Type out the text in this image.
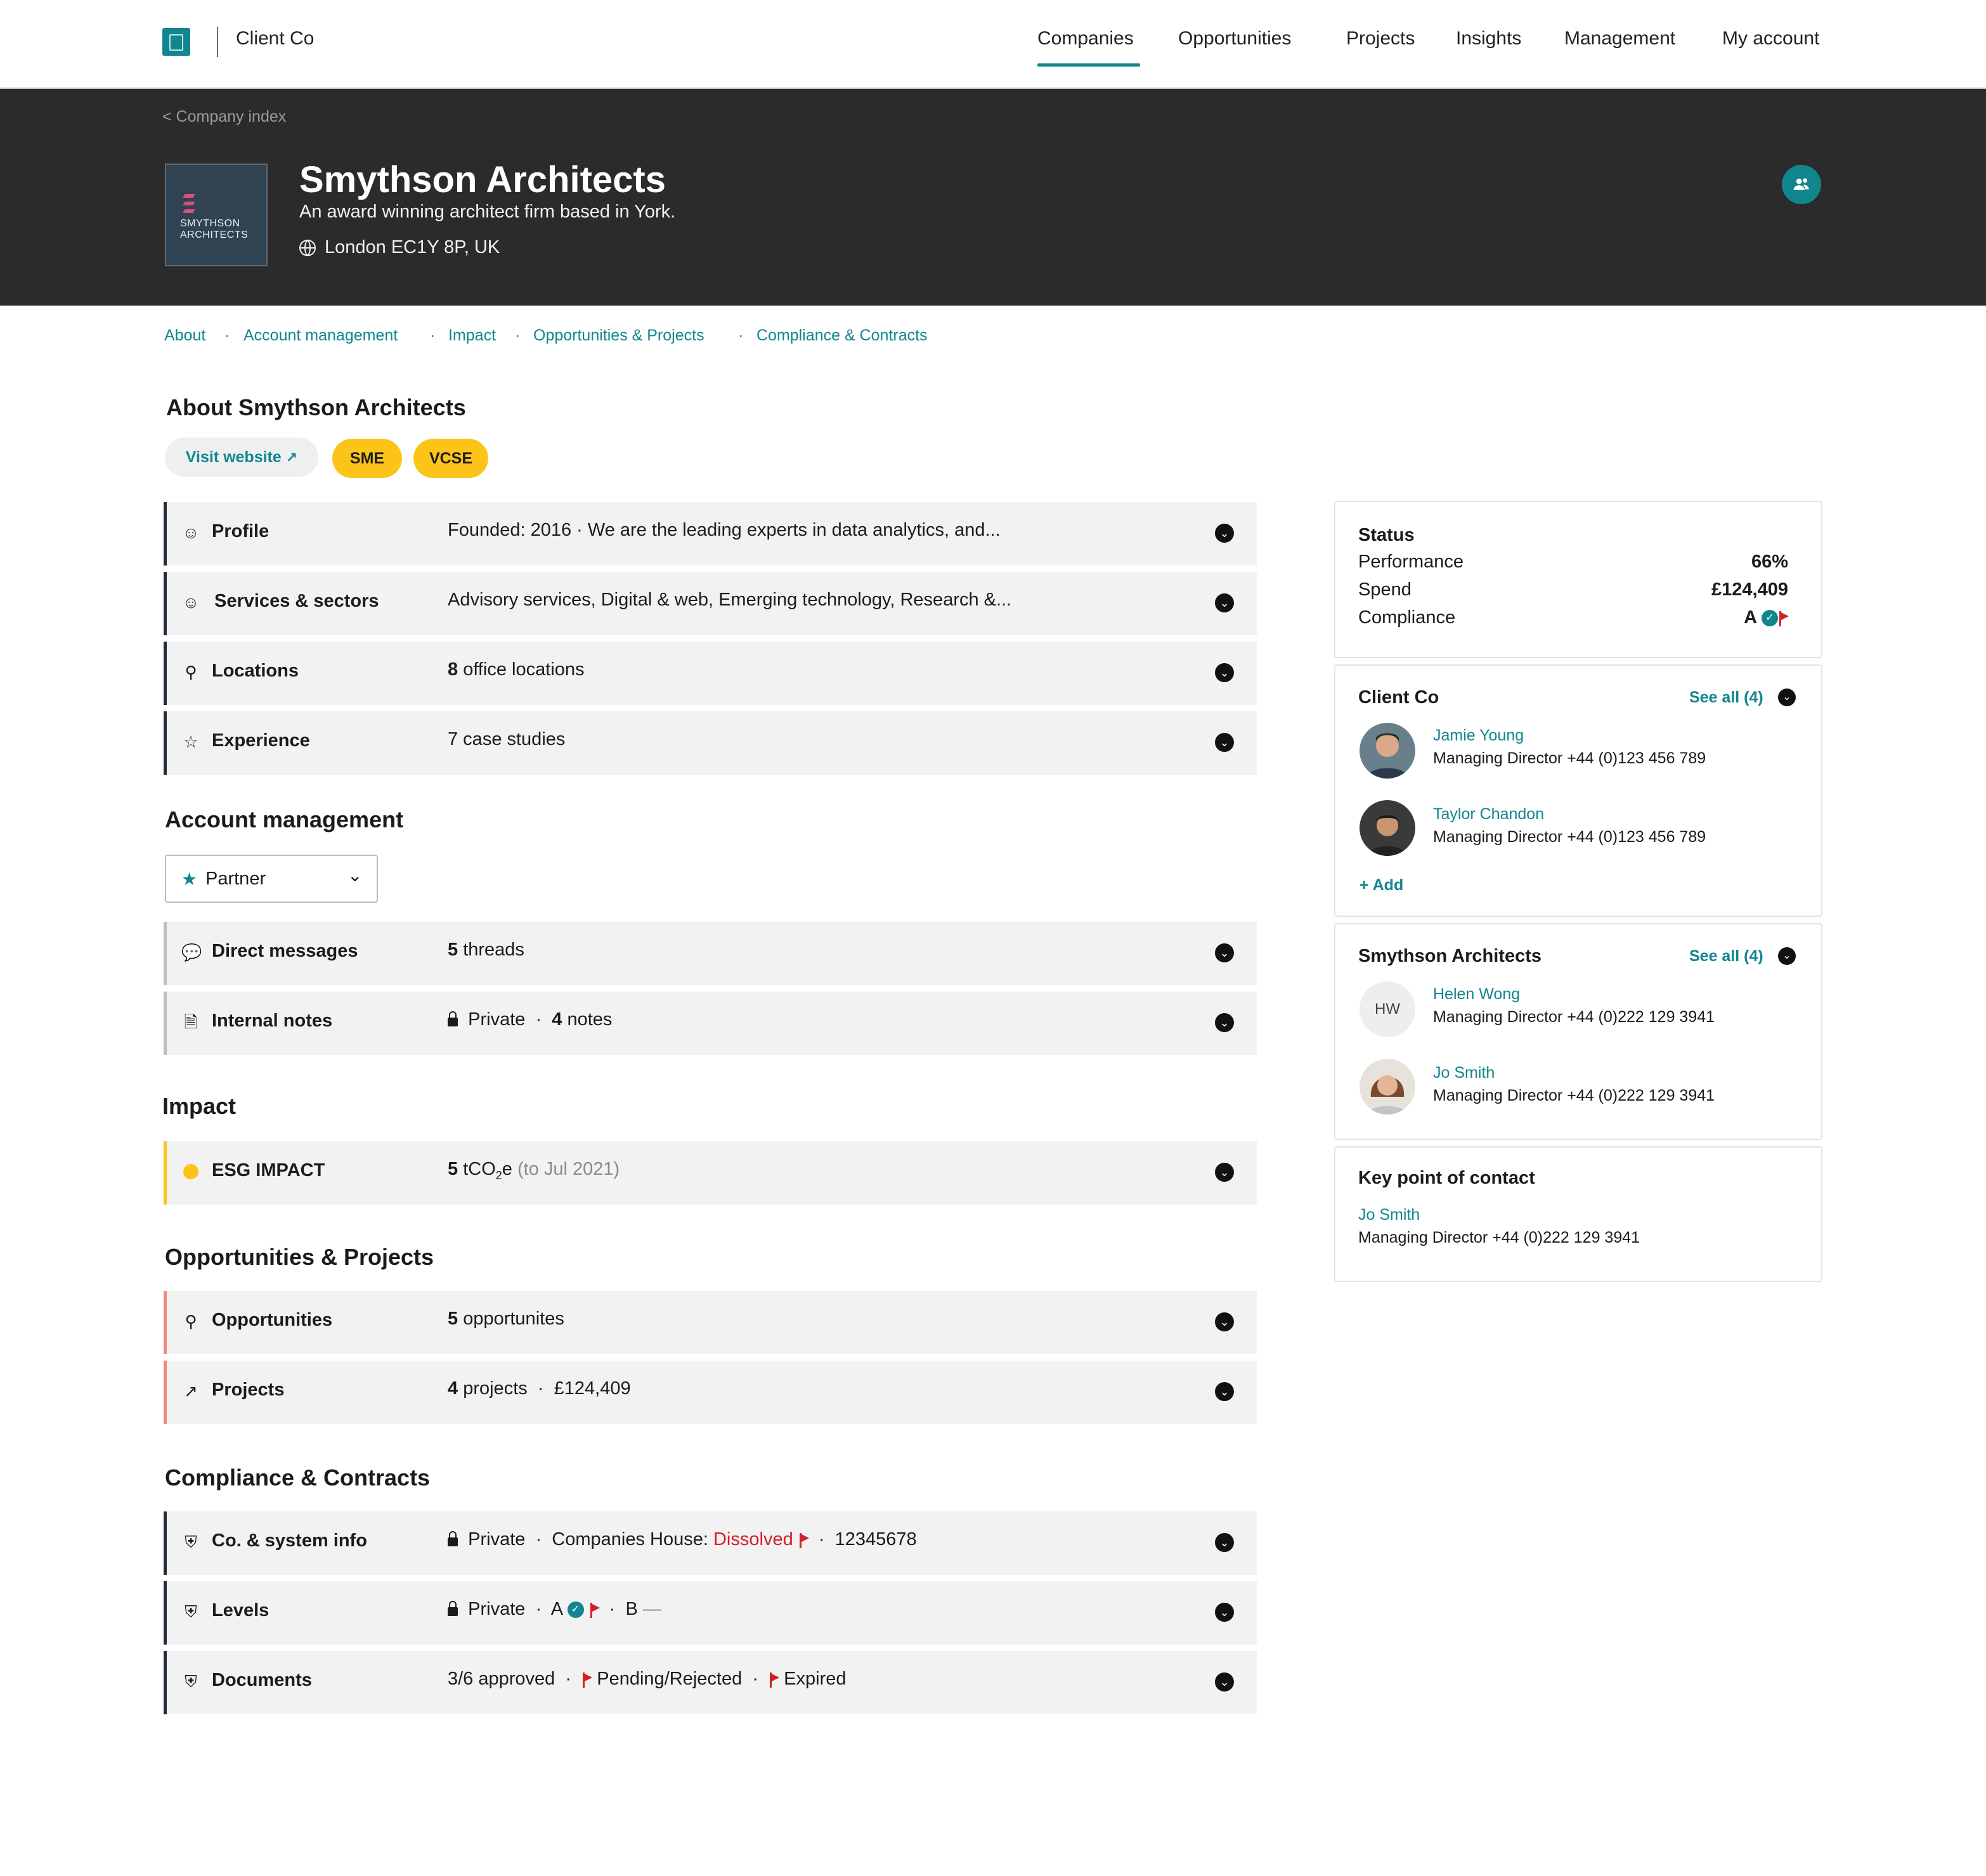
Client Co	Companies Opportunities	Projects Insights Management My account
< Company index
SMYTHSON ARCHITECTS
Smythson Architects
An award winning architect firm based in York.
London EC1Y 8P, UK
About · Account management · Impact · Opportunities & Projects · Compliance & Contracts
About Smythson Architects
Visit website ↗	SME	VCSE
☺ Profile	Founded: 2016 · We are the leading experts in data analytics, and...	⌄
☺ Services & sectors	Advisory services, Digital & web, Emerging technology, Research &...	⌄
⚲ Locations	8 office locations	⌄
☆ Experience	7 case studies	⌄
Account management
★ Partner	⌄
💬 Direct messages	5 threads	⌄
🗎 Internal notes	Private  ·  4 notes	⌄
Impact
ESG IMPACT	5 tCO$_2$e (to Jul 2021)	⌄
Opportunities & Projects
⚲ Opportunities	5 opportunites	⌄
↗ Projects	4 projects  ·  £124,409	⌄
Compliance & Contracts
⛨ Co. & system info	Private  ·  Companies House: Dissolved   ·  12345678	⌄
⛨ Levels	Private  ·  A ✓   ·  B —	⌄
⛨ Documents	3/6 approved  ·   Pending/Rejected  ·   Expired	⌄
Status
Performance	66%
Spend	£124,409
Compliance	A ✓
Client Co	See all (4)	⌄
Jamie Young
Managing Director +44 (0)123 456 789
Taylor Chandon
Managing Director +44 (0)123 456 789
+ Add
Smythson Architects	See all (4)	⌄
HW
Helen Wong
Managing Director +44 (0)222 129 3941
Jo Smith
Managing Director +44 (0)222 129 3941
Key point of contact
Jo Smith
Managing Director +44 (0)222 129 3941
